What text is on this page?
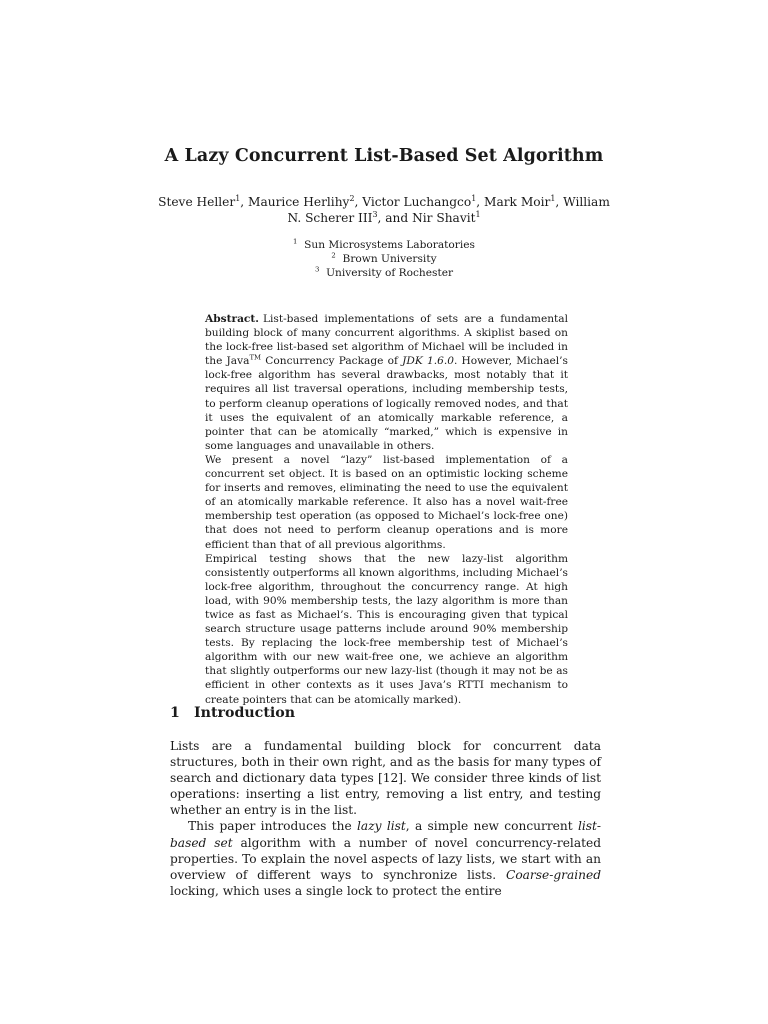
A Lazy Concurrent List-Based Set Algorithm
Steve Heller$^1$, Maurice Herlihy$^2$, Victor Luchangco$^1$, Mark Moir$^1$, William N. Scherer III$^3$, and Nir Shavit$^1$
$^1$ Sun Microsystems Laboratories
$^2$ Brown University
$^3$ University of Rochester

Abstract. List-based implementations of sets are a fundamental building block of many concurrent algorithms. A skiplist based on the lock-free list-based set algorithm of Michael will be included in the Java™ Concurrency Package of JDK 1.6.0. However, Michael’s lock-free algorithm has several drawbacks, most notably that it requires all list traversal operations, including membership tests, to perform cleanup operations of logically removed nodes, and that it uses the equivalent of an atomically markable reference, a pointer that can be atomically “marked,” which is expensive in some languages and unavailable in others.

We present a novel “lazy” list-based implementation of a concurrent set object. It is based on an optimistic locking scheme for inserts and removes, eliminating the need to use the equivalent of an atomically markable reference. It also has a novel wait-free membership test operation (as opposed to Michael’s lock-free one) that does not need to perform cleanup operations and is more efficient than that of all previous algorithms.

Empirical testing shows that the new lazy-list algorithm consistently outperforms all known algorithms, including Michael’s lock-free algorithm, throughout the concurrency range. At high load, with 90% membership tests, the lazy algorithm is more than twice as fast as Michael’s. This is encouraging given that typical search structure usage patterns include around 90% membership tests. By replacing the lock-free membership test of Michael’s algorithm with our new wait-free one, we achieve an algorithm that slightly outperforms our new lazy-list (though it may not be as efficient in other contexts as it uses Java’s RTTI mechanism to create pointers that can be atomically marked).

1 Introduction

Lists are a fundamental building block for concurrent data structures, both in their own right, and as the basis for many types of search and dictionary data types [12]. We consider three kinds of list operations: inserting a list entry, removing a list entry, and testing whether an entry is in the list.

This paper introduces the lazy list, a simple new concurrent list-based set algorithm with a number of novel concurrency-related properties. To explain the novel aspects of lazy lists, we start with an overview of different ways to synchronize lists. Coarse-grained locking, which uses a single lock to protect the entire
